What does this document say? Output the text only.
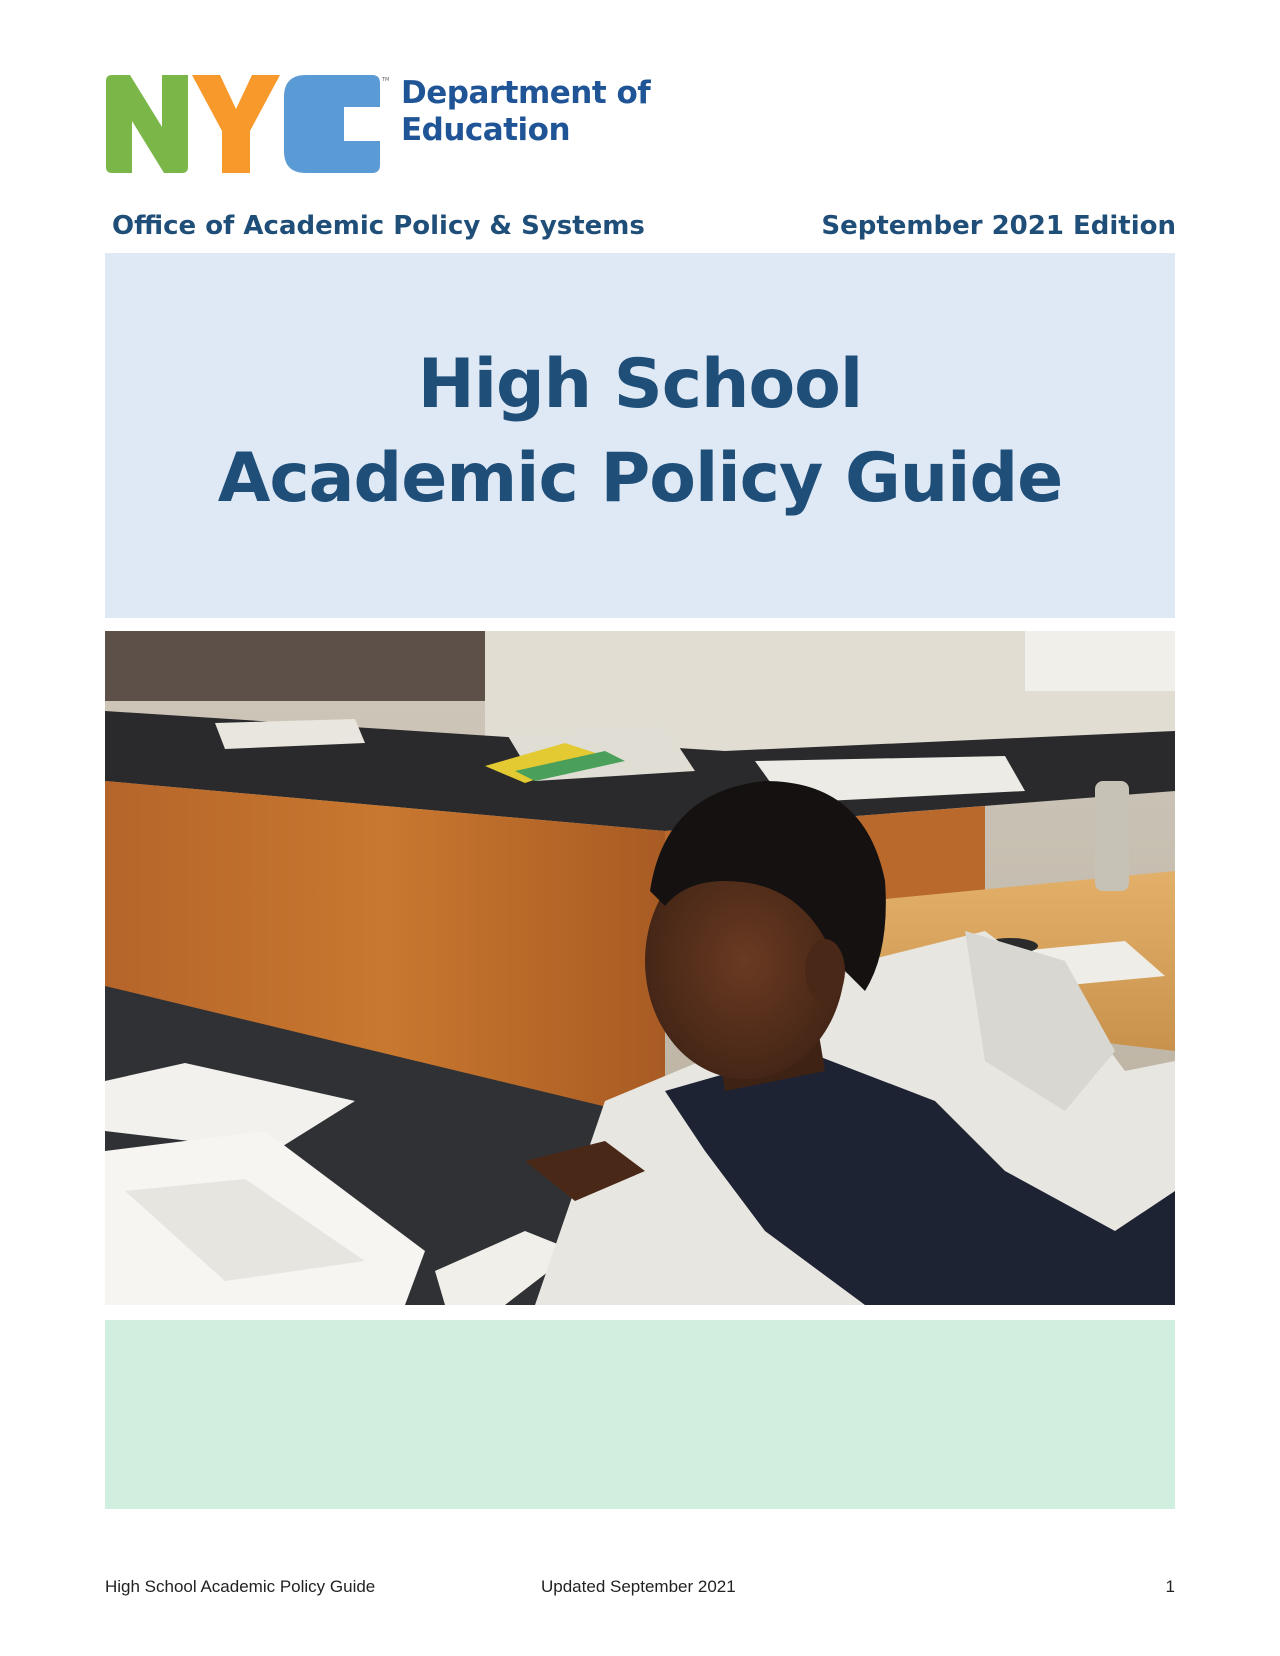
TM Department of
Education
Office of Academic Policy & Systems	September 2021 Edition
High School
Academic Policy Guide
High School Academic Policy Guide	Updated September 2021	1
